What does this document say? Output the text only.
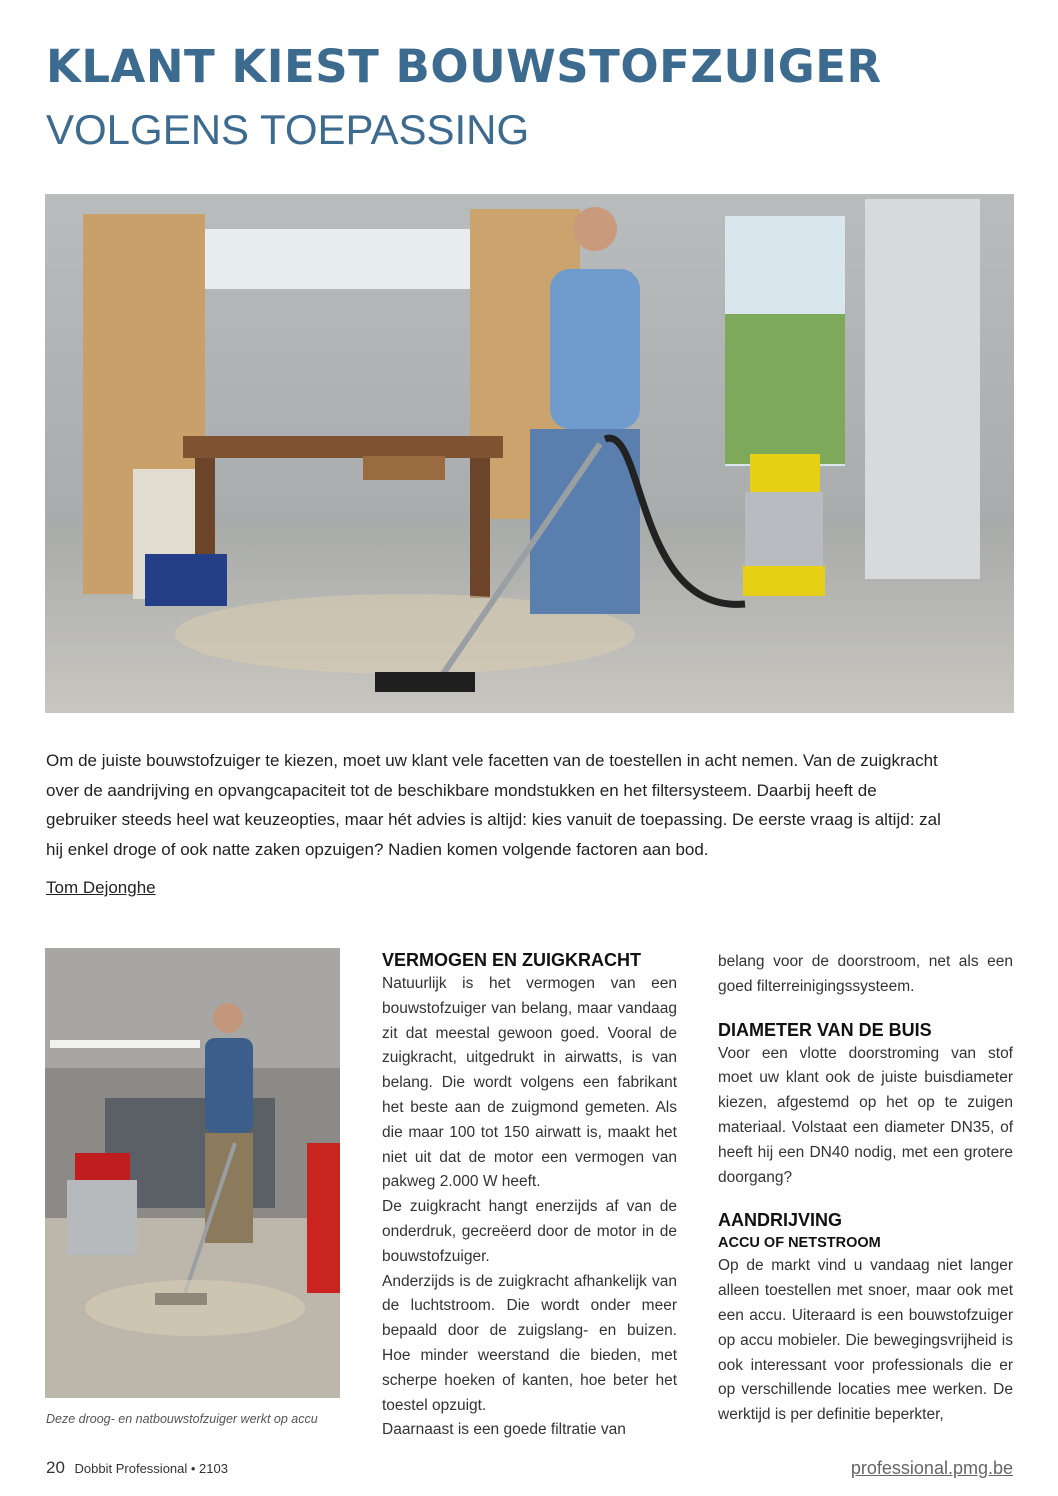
KLANT KIEST BOUWSTOFZUIGER
VOLGENS TOEPASSING

Om de juiste bouwstofzuiger te kiezen, moet uw klant vele facetten van de toestellen in acht nemen. Van de zuigkracht over de aandrijving en opvangcapaciteit tot de beschikbare mondstukken en het filtersysteem. Daarbij heeft de gebruiker steeds heel wat keuzeopties, maar hét advies is altijd: kies vanuit de toepassing. De eerste vraag is altijd: zal hij enkel droge of ook natte zaken opzuigen? Nadien komen volgende factoren aan bod.

Tom Dejonghe

Deze droog- en natbouwstofzuiger werkt op accu

VERMOGEN EN ZUIGKRACHT

Natuurlijk is het vermogen van een bouwstofzuiger van belang, maar vandaag zit dat meestal gewoon goed. Vooral de zuigkracht, uitgedrukt in airwatts, is van belang. Die wordt volgens een fabrikant het beste aan de zuigmond gemeten. Als die maar 100 tot 150 airwatt is, maakt het niet uit dat de motor een vermogen van pakweg 2.000 W heeft.

De zuigkracht hangt enerzijds af van de onderdruk, gecreëerd door de motor in de bouwstofzuiger.

Anderzijds is de zuigkracht afhankelijk van de luchtstroom. Die wordt onder meer bepaald door de zuigslang- en buizen. Hoe minder weerstand die bieden, met scherpe hoeken of kanten, hoe beter het toestel opzuigt.

Daarnaast is een goede filtratie van

belang voor de doorstroom, net als een goed filterreinigingssysteem.

DIAMETER VAN DE BUIS

Voor een vlotte doorstroming van stof moet uw klant ook de juiste buisdiameter kiezen, afgestemd op het op te zuigen materiaal. Volstaat een diameter DN35, of heeft hij een DN40 nodig, met een grotere doorgang?

AANDRIJVING
ACCU OF NETSTROOM

Op de markt vind u vandaag niet langer alleen toestellen met snoer, maar ook met een accu. Uiteraard is een bouwstofzuiger op accu mobieler. Die bewegingsvrijheid is ook interessant voor professionals die er op verschillende locaties mee werken. De werktijd is per definitie beperkter,

20 Dobbit Professional • 2103	professional.pmg.be
